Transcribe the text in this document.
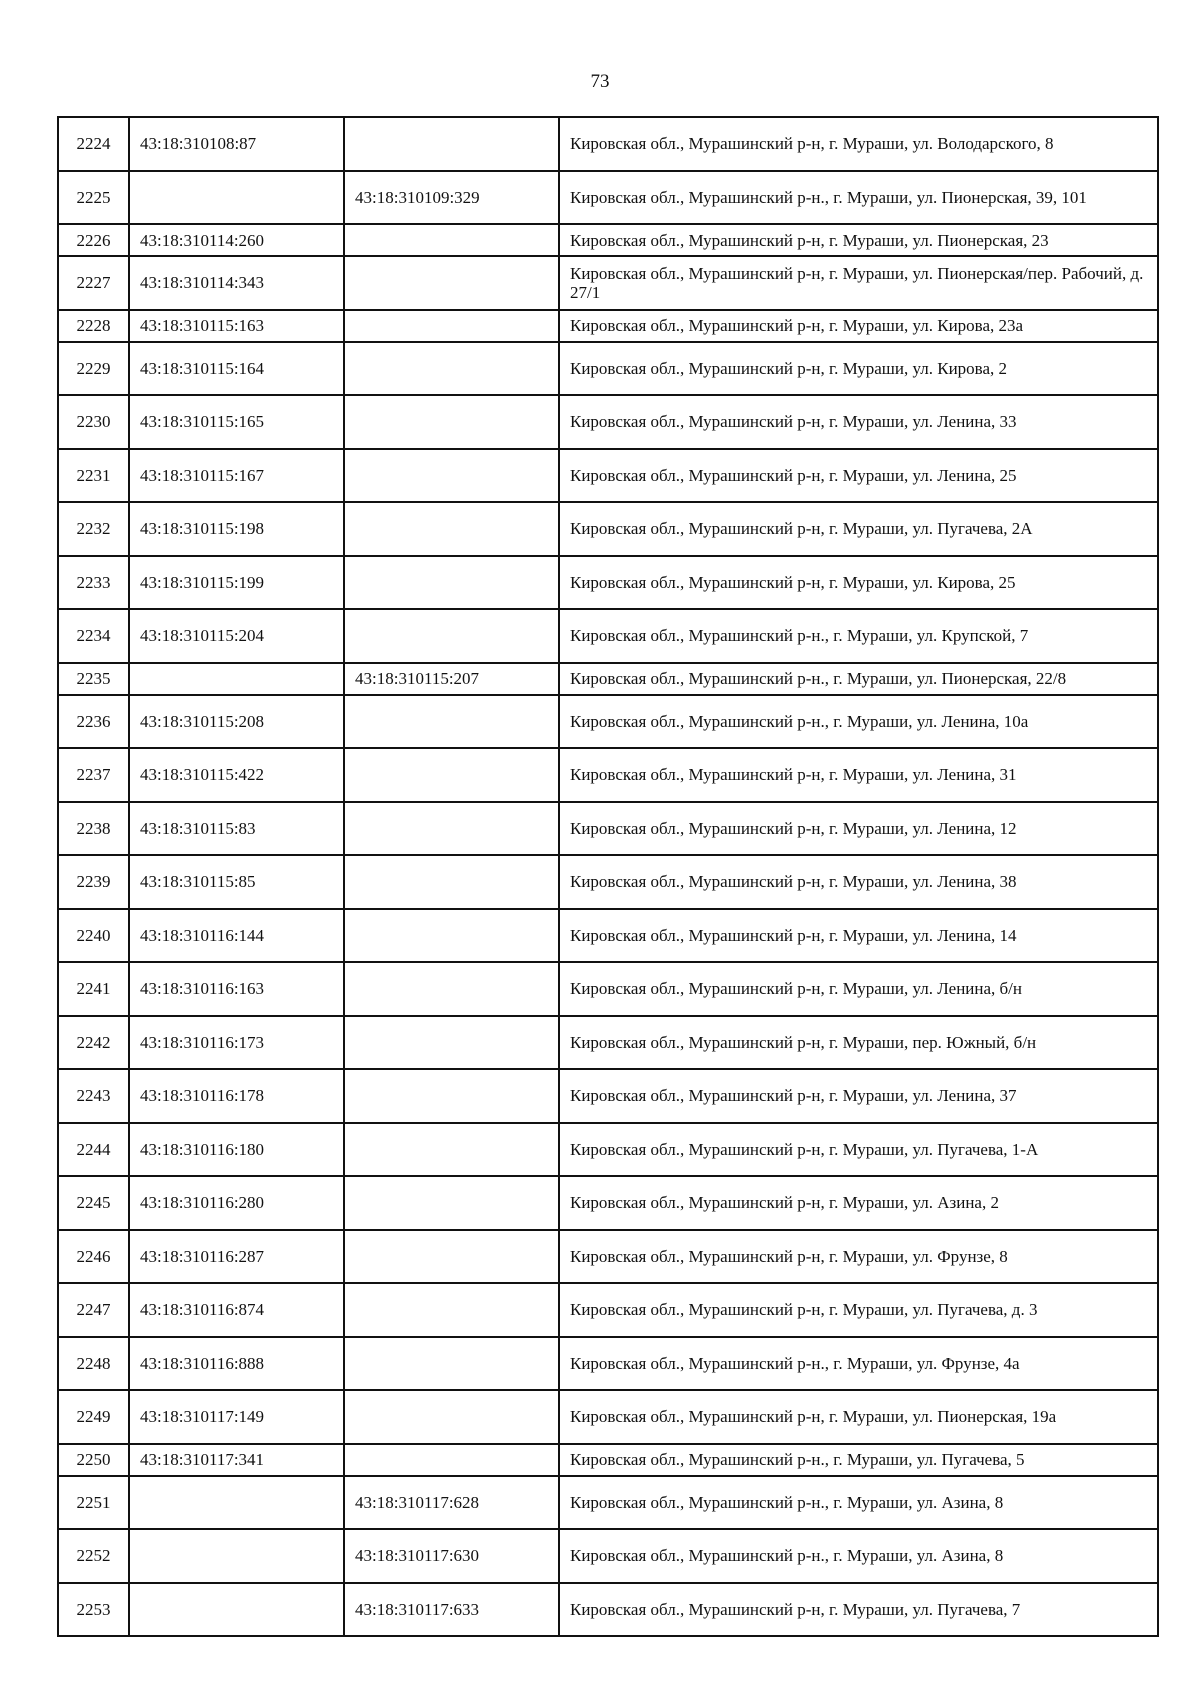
73
2224	43:18:310108:87		Кировская обл., Мурашинский р-н, г. Мураши, ул. Володарского, 8
2225		43:18:310109:329	Кировская обл., Мурашинский р-н., г. Мураши, ул. Пионерская, 39, 101
2226	43:18:310114:260		Кировская обл., Мурашинский р-н, г. Мураши, ул. Пионерская, 23
2227	43:18:310114:343		Кировская обл., Мурашинский р-н, г. Мураши, ул. Пионерская/пер. Рабочий, д. 27/1
2228	43:18:310115:163		Кировская обл., Мурашинский р-н, г. Мураши, ул. Кирова, 23а
2229	43:18:310115:164		Кировская обл., Мурашинский р-н, г. Мураши, ул. Кирова, 2
2230	43:18:310115:165		Кировская обл., Мурашинский р-н, г. Мураши, ул. Ленина, 33
2231	43:18:310115:167		Кировская обл., Мурашинский р-н, г. Мураши, ул. Ленина, 25
2232	43:18:310115:198		Кировская обл., Мурашинский р-н, г. Мураши, ул. Пугачева, 2А
2233	43:18:310115:199		Кировская обл., Мурашинский р-н, г. Мураши, ул. Кирова, 25
2234	43:18:310115:204		Кировская обл., Мурашинский р-н., г. Мураши, ул. Крупской, 7
2235		43:18:310115:207	Кировская обл., Мурашинский р-н., г. Мураши, ул. Пионерская, 22/8
2236	43:18:310115:208		Кировская обл., Мурашинский р-н., г. Мураши, ул. Ленина, 10а
2237	43:18:310115:422		Кировская обл., Мурашинский р-н, г. Мураши, ул. Ленина, 31
2238	43:18:310115:83		Кировская обл., Мурашинский р-н, г. Мураши, ул. Ленина, 12
2239	43:18:310115:85		Кировская обл., Мурашинский р-н, г. Мураши, ул. Ленина, 38
2240	43:18:310116:144		Кировская обл., Мурашинский р-н, г. Мураши, ул. Ленина, 14
2241	43:18:310116:163		Кировская обл., Мурашинский р-н, г. Мураши, ул. Ленина, б/н
2242	43:18:310116:173		Кировская обл., Мурашинский р-н, г. Мураши, пер. Южный, б/н
2243	43:18:310116:178		Кировская обл., Мурашинский р-н, г. Мураши, ул. Ленина, 37
2244	43:18:310116:180		Кировская обл., Мурашинский р-н, г. Мураши, ул. Пугачева, 1-А
2245	43:18:310116:280		Кировская обл., Мурашинский р-н, г. Мураши, ул. Азина, 2
2246	43:18:310116:287		Кировская обл., Мурашинский р-н, г. Мураши, ул. Фрунзе, 8
2247	43:18:310116:874		Кировская обл., Мурашинский р-н, г. Мураши, ул. Пугачева, д. 3
2248	43:18:310116:888		Кировская обл., Мурашинский р-н., г. Мураши, ул. Фрунзе, 4а
2249	43:18:310117:149		Кировская обл., Мурашинский р-н, г. Мураши, ул. Пионерская, 19а
2250	43:18:310117:341		Кировская обл., Мурашинский р-н., г. Мураши, ул. Пугачева, 5
2251		43:18:310117:628	Кировская обл., Мурашинский р-н., г. Мураши, ул. Азина, 8
2252		43:18:310117:630	Кировская обл., Мурашинский р-н., г. Мураши, ул. Азина, 8
2253		43:18:310117:633	Кировская обл., Мурашинский р-н, г. Мураши, ул. Пугачева, 7
